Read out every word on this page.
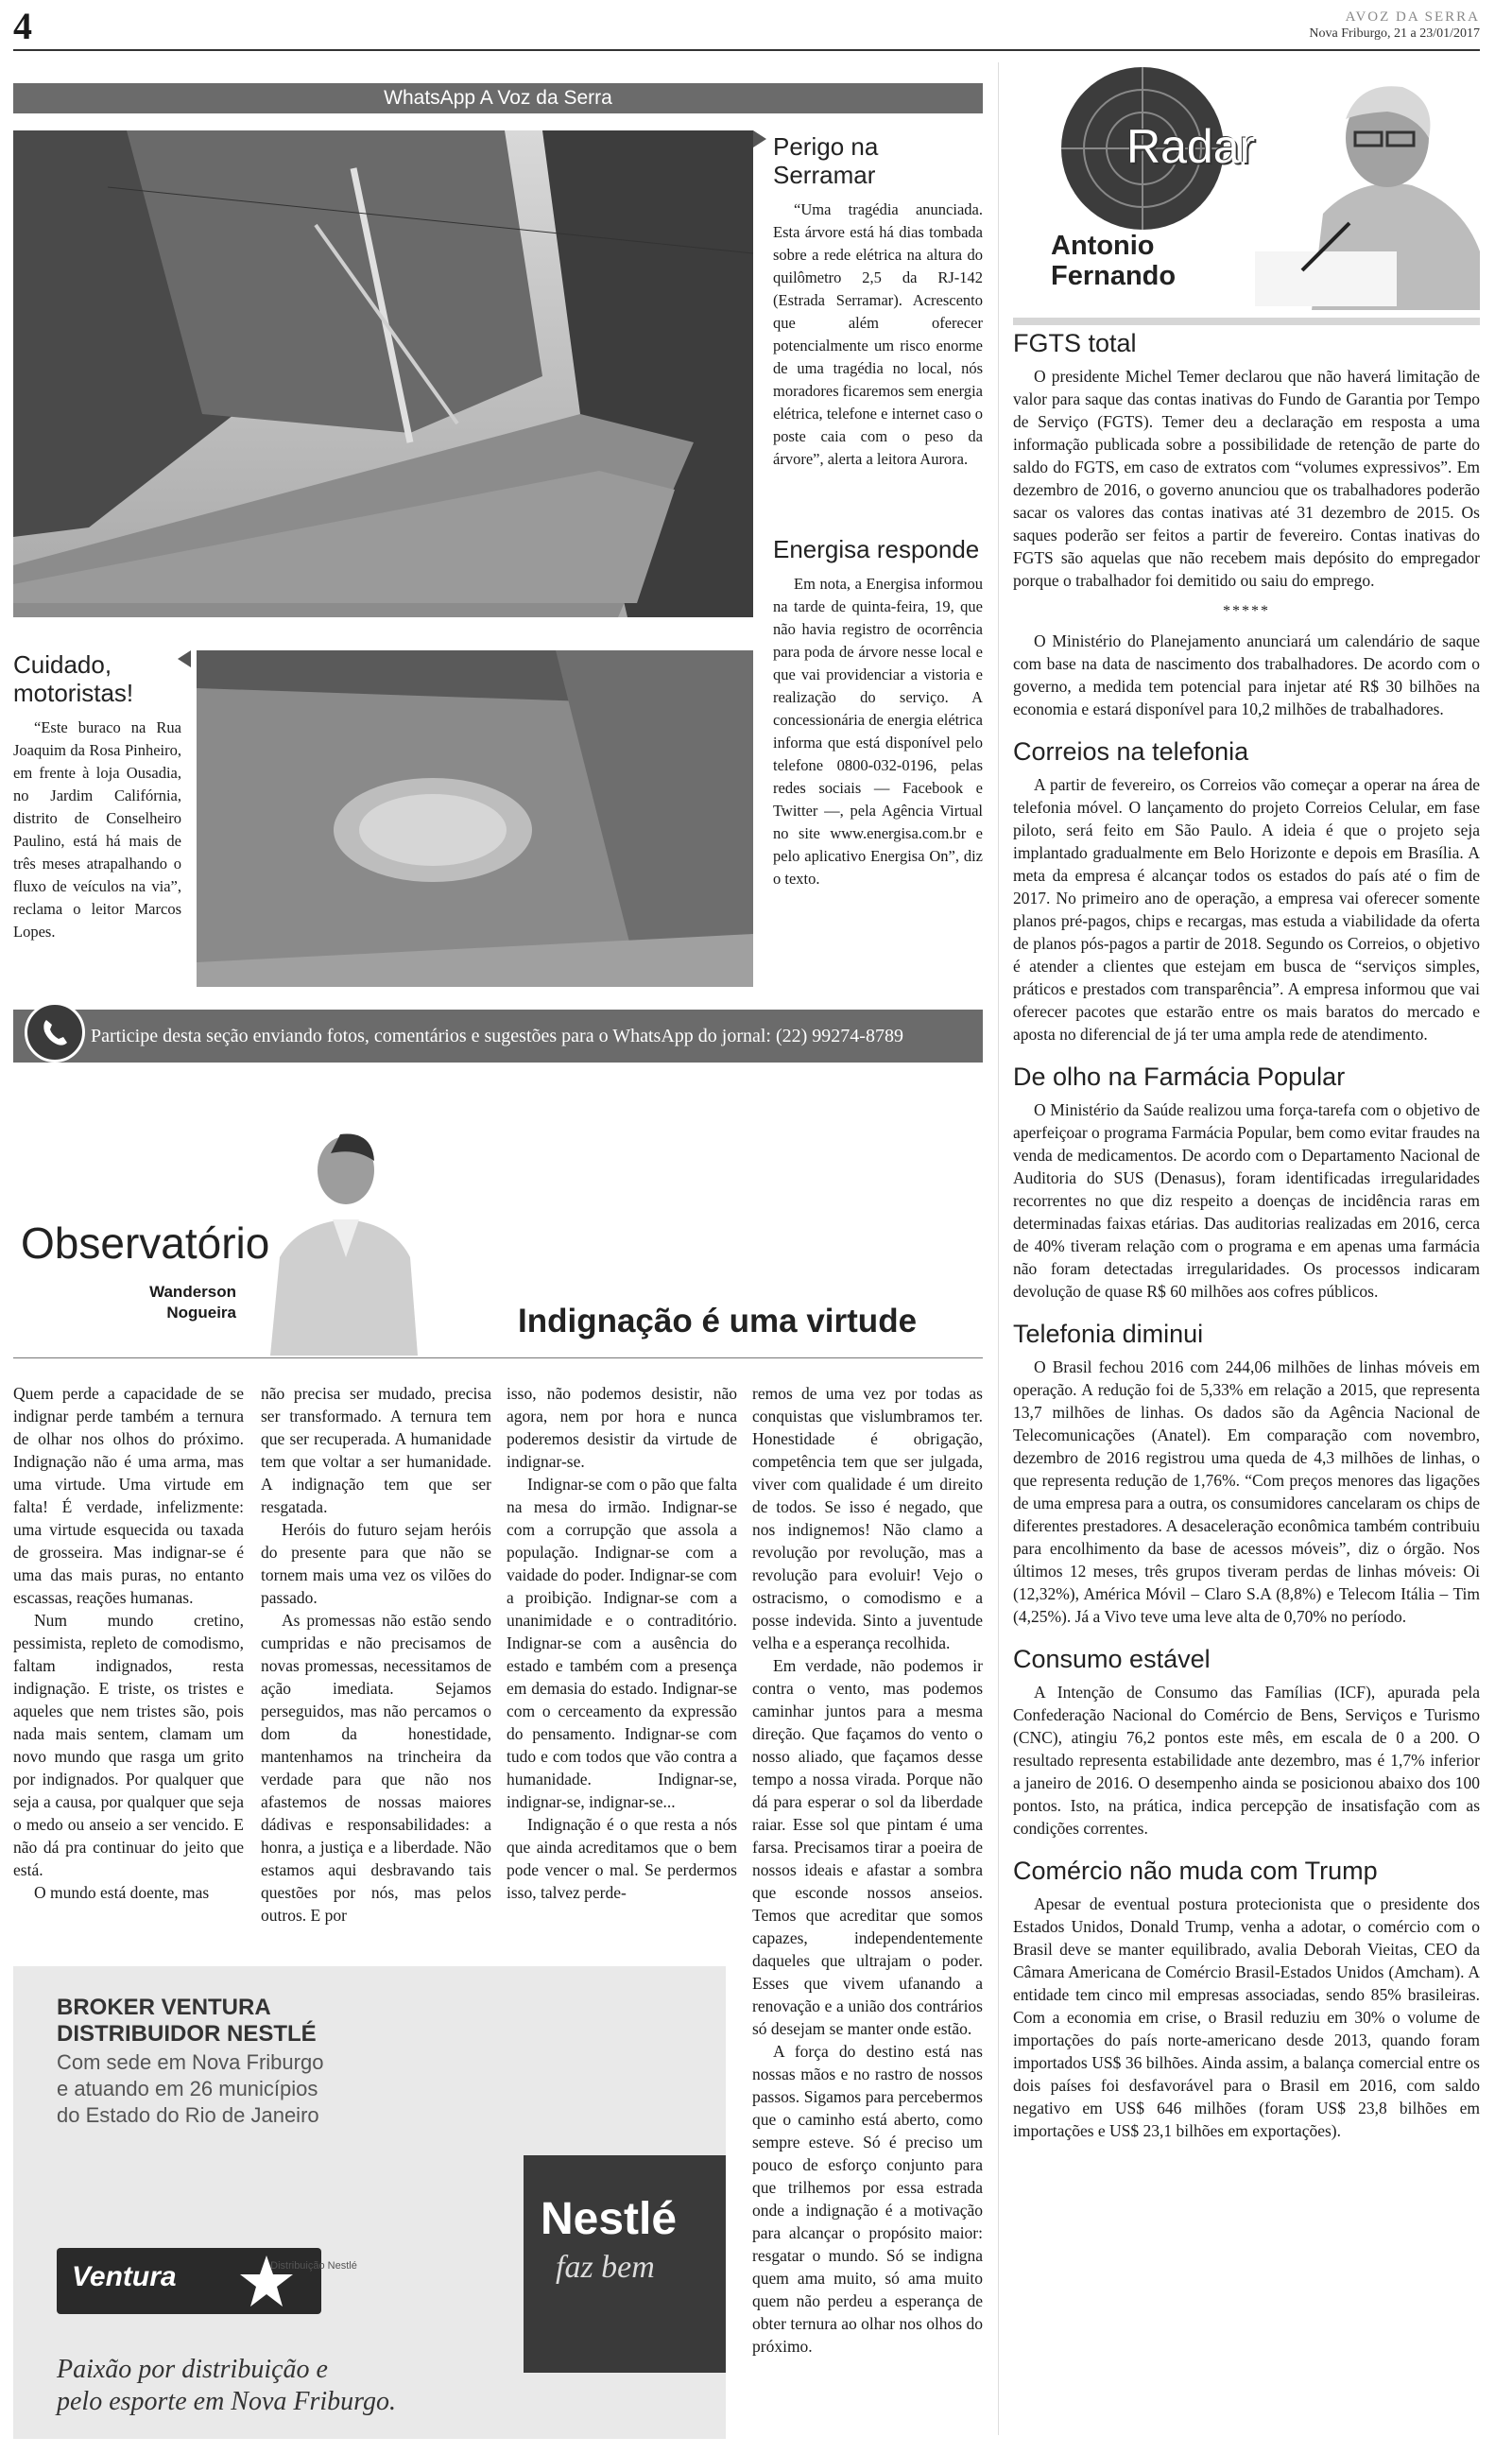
4	AVOZ DA SERRA
Nova Friburgo, 21 a 23/01/2017
WhatsApp A Voz da Serra
Perigo na Serramar

“Uma tragédia anunciada. Esta árvore está há dias tombada sobre a rede elétrica na altura do quilômetro 2,5 da RJ-142 (Estrada Serramar). Acrescento que além oferecer potencialmente um risco enorme de uma tragédia no local, nós moradores ficaremos sem energia elétrica, telefone e internet caso o poste caia com o peso da árvore”, alerta a leitora Aurora.

Energisa responde

Em nota, a Energisa informou na tarde de quinta-feira, 19, que não havia registro de ocorrência para poda de árvore nesse local e que vai providenciar a vistoria e realização do serviço. A concessionária de energia elétrica informa que está disponível pelo telefone 0800-032-0196, pelas redes sociais — Facebook e Twitter —, pela Agência Virtual no site www.energisa.com.br e pelo aplicativo Energisa On”, diz o texto.

Cuidado, motoristas!

“Este buraco na Rua Joaquim da Rosa Pinheiro, em frente à loja Ousadia, no Jardim Califórnia, distrito de Conselheiro Paulino, está há mais de três meses atrapalhando o fluxo de veículos na via”, reclama o leitor Marcos Lopes.

Participe desta seção enviando fotos, comentários e sugestões para o WhatsApp do jornal: (22) 99274-8789
Observatório
Wanderson Nogueira	Indignação é uma virtude

Quem perde a capacidade de se indignar perde também a ternura de olhar nos olhos do próximo. Indignação não é uma arma, mas uma virtude. Uma virtude em falta! É verdade, infelizmente: uma virtude esquecida ou taxada de grosseira. Mas indignar-se é uma das mais puras, no entanto escassas, reações humanas.

Num mundo cretino, pessimista, repleto de comodismo, faltam indignados, resta indignação. E triste, os tristes e aqueles que nem tristes são, pois nada mais sentem, clamam um novo mundo que rasga um grito por indignados. Por qualquer que seja a causa, por qualquer que seja o medo ou anseio a ser vencido. E não dá pra continuar do jeito que está.

O mundo está doente, mas

não precisa ser mudado, precisa ser transformado. A ternura tem que ser recuperada. A humanidade tem que voltar a ser humanidade. A indignação tem que ser resgatada.

Heróis do futuro sejam heróis do presente para que não se tornem mais uma vez os vilões do passado.

As promessas não estão sendo cumpridas e não precisamos de novas promessas, necessitamos de ação imediata. Sejamos perseguidos, mas não percamos o dom da honestidade, mantenhamos na trincheira da verdade para que não nos afastemos de nossas maiores dádivas e responsabilidades: a honra, a justiça e a liberdade. Não estamos aqui desbravando tais questões por nós, mas pelos outros. E por

isso, não podemos desistir, não agora, nem por hora e nunca poderemos desistir da virtude de indignar-se.

Indignar-se com o pão que falta na mesa do irmão. Indignar-se com a corrupção que assola a população. Indignar-se com a vaidade do poder. Indignar-se com a proibição. Indignar-se com a unanimidade e o contraditório. Indignar-se com a ausência do estado e também com a presença em demasia do estado. Indignar-se com o cerceamento da expressão do pensamento. Indignar-se com tudo e com todos que vão contra a humanidade. Indignar-se, indignar-se, indignar-se...

Indignação é o que resta a nós que ainda acreditamos que o bem pode vencer o mal. Se perdermos isso, talvez perde-

remos de uma vez por todas as conquistas que vislumbramos ter. Honestidade é obrigação, competência tem que ser julgada, viver com qualidade é um direito de todos. Se isso é negado, que nos indignemos! Não clamo a revolução por revolução, mas a revolução para evoluir! Vejo o ostracismo, o comodismo e a posse indevida. Sinto a juventude velha e a esperança recolhida.

Em verdade, não podemos ir contra o vento, mas podemos caminhar juntos para a mesma direção. Que façamos do vento o nosso aliado, que façamos desse tempo a nossa virada. Porque não dá para esperar o sol da liberdade raiar. Esse sol que pintam é uma farsa. Precisamos tirar a poeira de nossos ideais e afastar a sombra que esconde nossos anseios. Temos que acreditar que somos capazes, independentemente daqueles que ultrajam o poder. Esses que vivem ufanando a renovação e a união dos contrários só desejam se manter onde estão.

A força do destino está nas nossas mãos e no rastro de nossos passos. Sigamos para percebermos que o caminho está aberto, como sempre esteve. Só é preciso um pouco de esforço conjunto para que trilhemos por essa estrada onde a indignação é a motivação para alcançar o propósito maior: resgatar o mundo. Só se indigna quem ama muito, só ama muito quem não perdeu a esperança de obter ternura ao olhar nos olhos do próximo.

BROKER VENTURA
DISTRIBUIDOR NESTLÉ
Com sede em Nova Friburgo
e atuando em 26 municípios
do Estado do Rio de Janeiro
Ventura	Distribuição Nestlé
Nestlé
faz bem
Paixão por distribuição e
pelo esporte em Nova Friburgo.
Radar
Antonio
Fernando
FGTS total

O presidente Michel Temer declarou que não haverá limitação de valor para saque das contas inativas do Fundo de Garantia por Tempo de Serviço (FGTS). Temer deu a declaração em resposta a uma informação publicada sobre a possibilidade de retenção de parte do saldo do FGTS, em caso de extratos com “volumes expressivos”. Em dezembro de 2016, o governo anunciou que os trabalhadores poderão sacar os valores das contas inativas até 31 dezembro de 2015. Os saques poderão ser feitos a partir de fevereiro. Contas inativas do FGTS são aquelas que não recebem mais depósito do empregador porque o trabalhador foi demitido ou saiu do emprego.

*****

O Ministério do Planejamento anunciará um calendário de saque com base na data de nascimento dos trabalhadores. De acordo com o governo, a medida tem potencial para injetar até R$ 30 bilhões na economia e estará disponível para 10,2 milhões de trabalhadores.

Correios na telefonia

A partir de fevereiro, os Correios vão começar a operar na área de telefonia móvel. O lançamento do projeto Correios Celular, em fase piloto, será feito em São Paulo. A ideia é que o projeto seja implantado gradualmente em Belo Horizonte e depois em Brasília. A meta da empresa é alcançar todos os estados do país até o fim de 2017. No primeiro ano de operação, a empresa vai oferecer somente planos pré-pagos, chips e recargas, mas estuda a viabilidade da oferta de planos pós-pagos a partir de 2018. Segundo os Correios, o objetivo é atender a clientes que estejam em busca de “serviços simples, práticos e prestados com transparência”. A empresa informou que vai oferecer pacotes que estarão entre os mais baratos do mercado e aposta no diferencial de já ter uma ampla rede de atendimento.

De olho na Farmácia Popular

O Ministério da Saúde realizou uma força-tarefa com o objetivo de aperfeiçoar o programa Farmácia Popular, bem como evitar fraudes na venda de medicamentos. De acordo com o Departamento Nacional de Auditoria do SUS (Denasus), foram identificadas irregularidades recorrentes no que diz respeito a doenças de incidência raras em determinadas faixas etárias. Das auditorias realizadas em 2016, cerca de 40% tiveram relação com o programa e em apenas uma farmácia não foram detectadas irregularidades. Os processos indicaram devolução de quase R$ 60 milhões aos cofres públicos.

Telefonia diminui

O Brasil fechou 2016 com 244,06 milhões de linhas móveis em operação. A redução foi de 5,33% em relação a 2015, que representa 13,7 milhões de linhas. Os dados são da Agência Nacional de Telecomunicações (Anatel). Em comparação com novembro, dezembro de 2016 registrou uma queda de 4,3 milhões de linhas, o que representa redução de 1,76%. “Com preços menores das ligações de uma empresa para a outra, os consumidores cancelaram os chips de diferentes prestadores. A desaceleração econômica também contribuiu para encolhimento da base de acessos móveis”, diz o órgão. Nos últimos 12 meses, três grupos tiveram perdas de linhas móveis: Oi (12,32%), América Móvil – Claro S.A (8,8%) e Telecom Itália – Tim (4,25%). Já a Vivo teve uma leve alta de 0,70% no período.

Consumo estável

A Intenção de Consumo das Famílias (ICF), apurada pela Confederação Nacional do Comércio de Bens, Serviços e Turismo (CNC), atingiu 76,2 pontos este mês, em escala de 0 a 200. O resultado representa estabilidade ante dezembro, mas é 1,7% inferior a janeiro de 2016. O desempenho ainda se posicionou abaixo dos 100 pontos. Isto, na prática, indica percepção de insatisfação com as condições correntes.

Comércio não muda com Trump

Apesar de eventual postura protecionista que o presidente dos Estados Unidos, Donald Trump, venha a adotar, o comércio com o Brasil deve se manter equilibrado, avalia Deborah Vieitas, CEO da Câmara Americana de Comércio Brasil-Estados Unidos (Amcham). A entidade tem cinco mil empresas associadas, sendo 85% brasileiras. Com a economia em crise, o Brasil reduziu em 30% o volume de importações do país norte-americano desde 2013, quando foram importados US$ 36 bilhões. Ainda assim, a balança comercial entre os dois países foi desfavorável para o Brasil em 2016, com saldo negativo em US$ 646 milhões (foram US$ 23,8 bilhões em importações e US$ 23,1 bilhões em exportações).
